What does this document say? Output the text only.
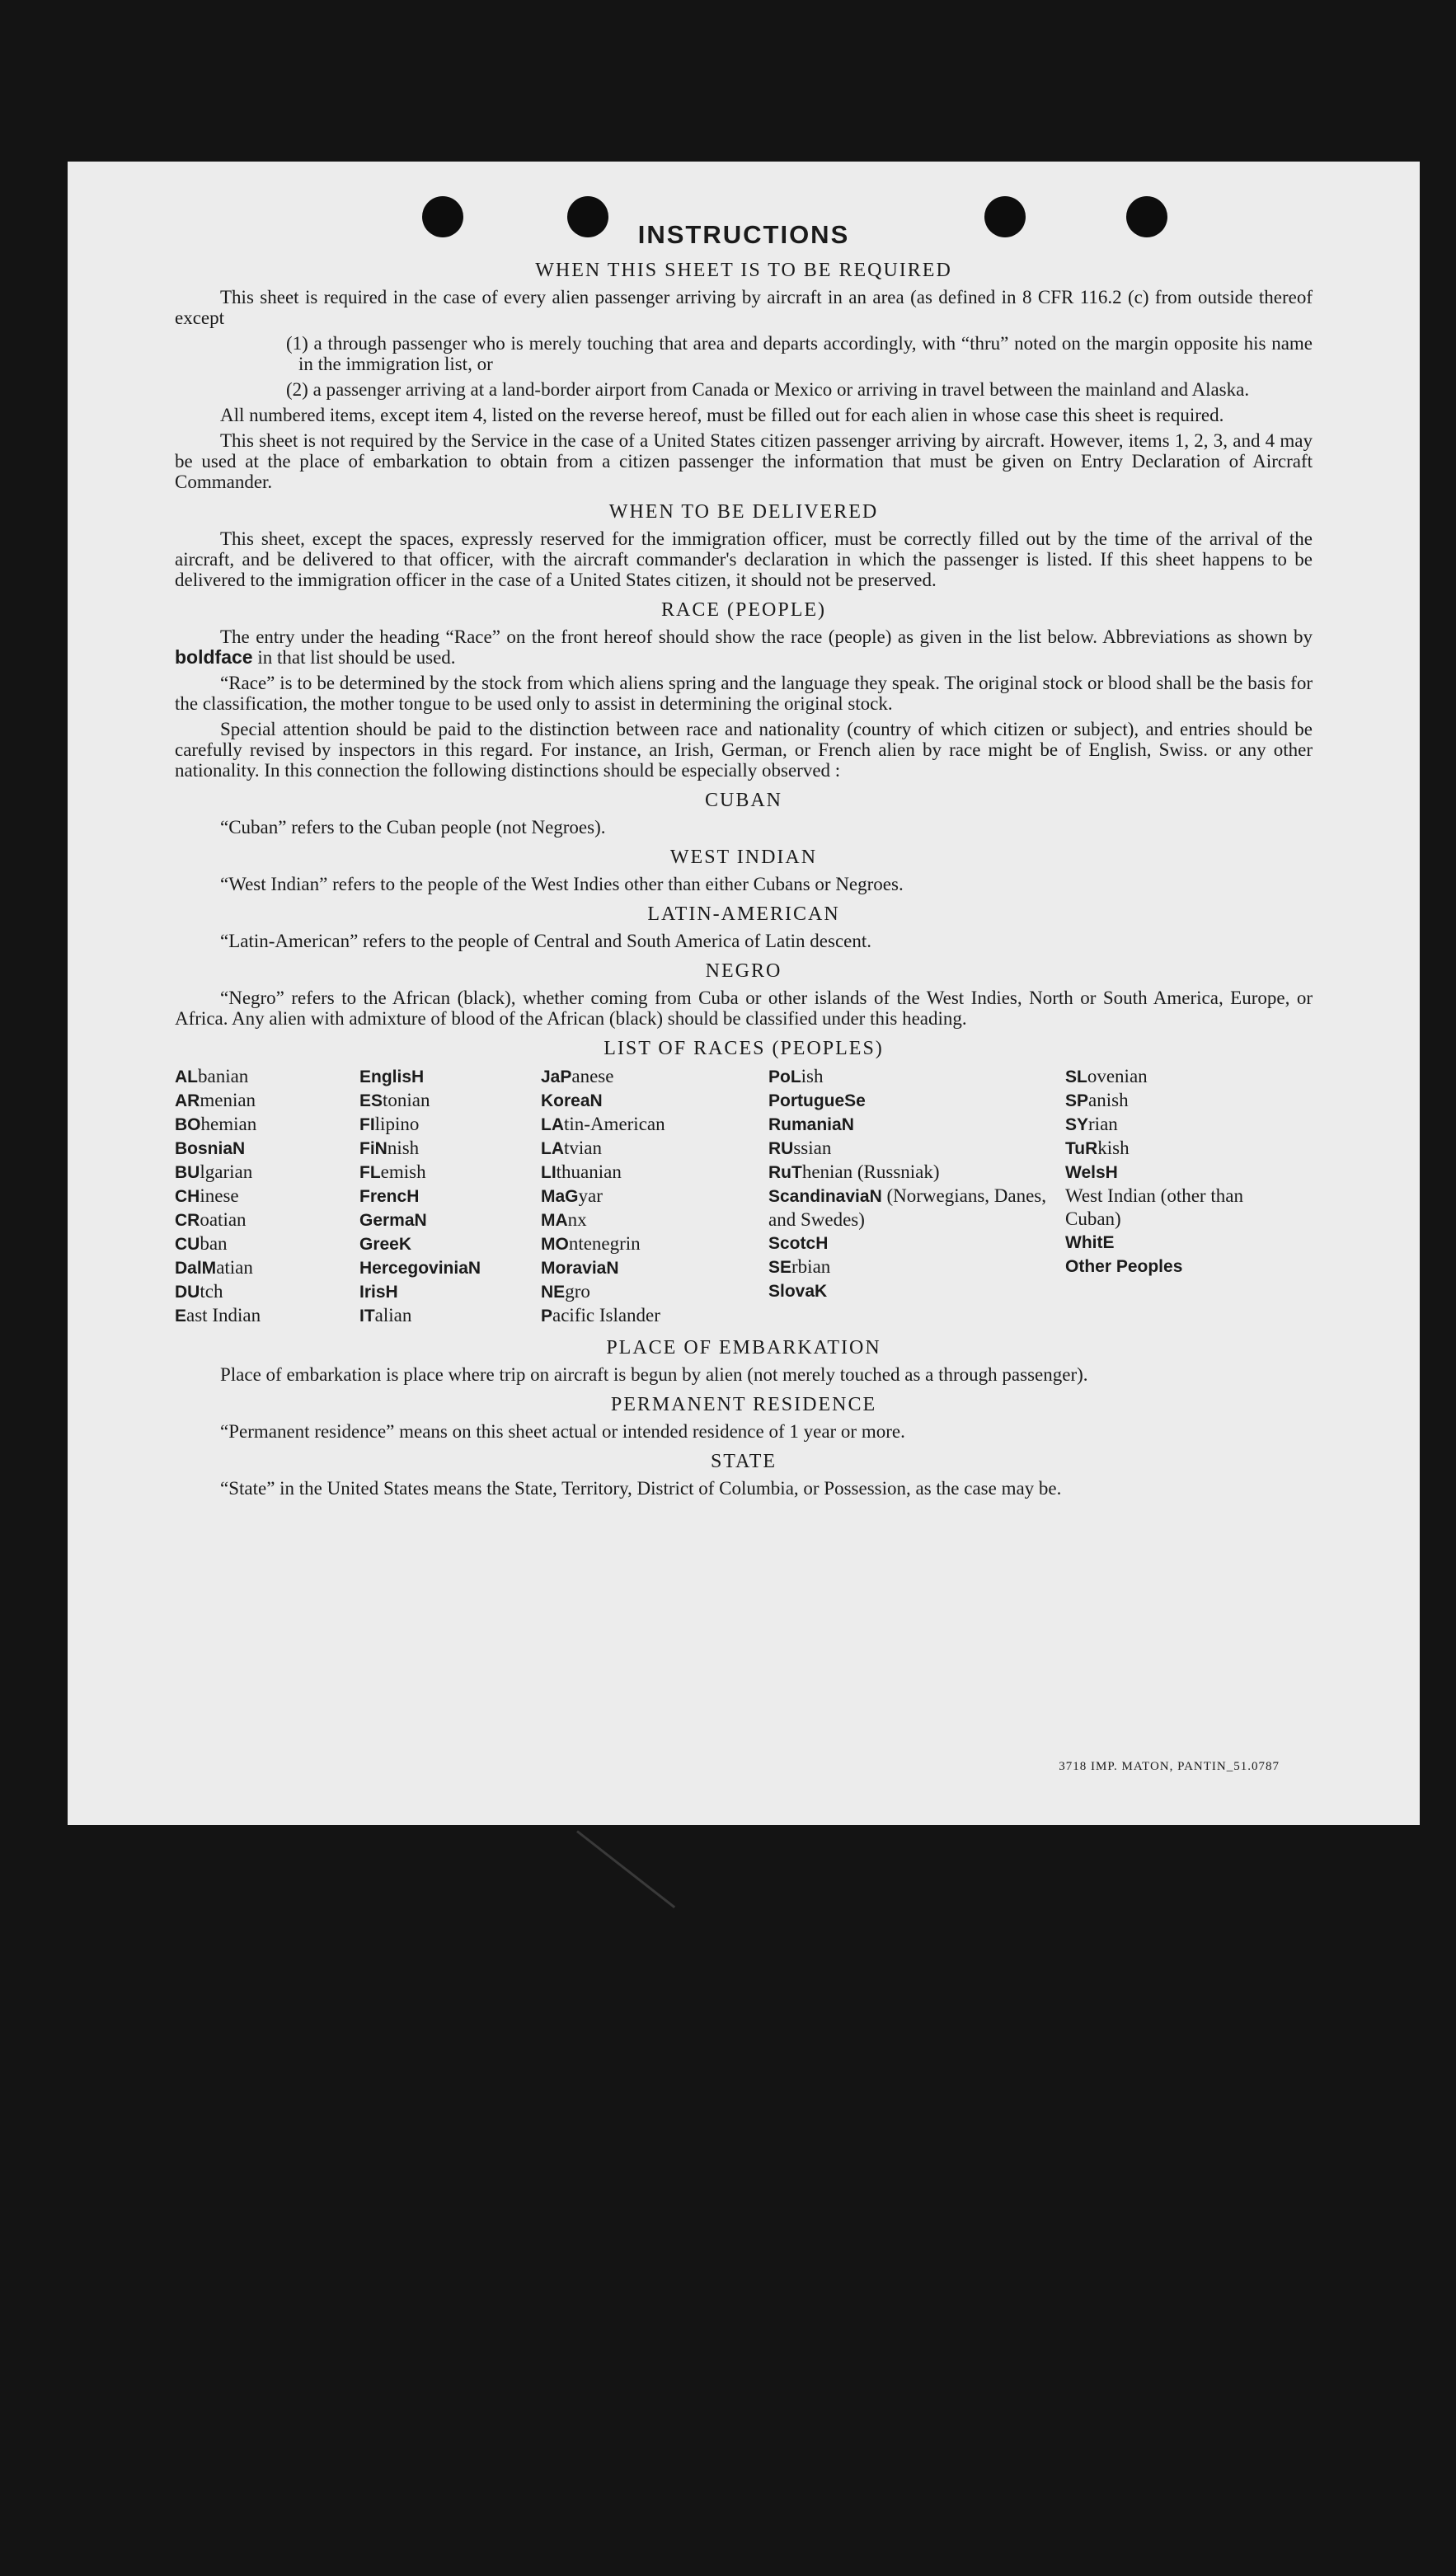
INSTRUCTIONS
WHEN THIS SHEET IS TO BE REQUIRED

This sheet is required in the case of every alien passenger arriving by aircraft in an area (as defined in 8 CFR 116.2 (c) from outside thereof except

(1) a through passenger who is merely touching that area and departs accordingly, with “thru” noted on the margin opposite his name in the immigration list, or

(2) a passenger arriving at a land-border airport from Canada or Mexico or arriving in travel between the mainland and Alaska.

All numbered items, except item 4, listed on the reverse hereof, must be filled out for each alien in whose case this sheet is required.

This sheet is not required by the Service in the case of a United States citizen passenger arriving by aircraft. However, items 1, 2, 3, and 4 may be used at the place of embarkation to obtain from a citizen passenger the information that must be given on Entry Declaration of Aircraft Commander.

WHEN TO BE DELIVERED

This sheet, except the spaces, expressly reserved for the immigration officer, must be correctly filled out by the time of the arrival of the aircraft, and be delivered to that officer, with the aircraft commander's declaration in which the passenger is listed. If this sheet happens to be delivered to the immigration officer in the case of a United States citizen, it should not be preserved.

RACE (PEOPLE)

The entry under the heading “Race” on the front hereof should show the race (people) as given in the list below. Abbreviations as shown by boldface in that list should be used.

“Race” is to be determined by the stock from which aliens spring and the language they speak. The original stock or blood shall be the basis for the classification, the mother tongue to be used only to assist in determining the original stock.

Special attention should be paid to the distinction between race and nationality (country of which citizen or subject), and entries should be carefully revised by inspectors in this regard. For instance, an Irish, German, or French alien by race might be of English, Swiss. or any other nationality. In this connection the following distinctions should be especially observed :

CUBAN

“Cuban” refers to the Cuban people (not Negroes).

WEST INDIAN

“West Indian” refers to the people of the West Indies other than either Cubans or Negroes.

LATIN-AMERICAN

“Latin-American” refers to the people of Central and South America of Latin descent.

NEGRO

“Negro” refers to the African (black), whether coming from Cuba or other islands of the West Indies, North or South America, Europe, or Africa. Any alien with admixture of blood of the African (black) should be classified under this heading.

LIST OF RACES (PEOPLES)
ALbanian
ARmenian
BOhemian
BosniaN
BUlgarian
CHinese
CRoatian
CUban
DalMatian
DUtch
East Indian
EnglisH
EStonian
FIlipino
FiNnish
FLemish
FrencH
GermaN
GreeK
HercegoviniaN
IrisH
ITalian
JaPanese
KoreaN
LAtin-American
LAtvian
LIthuanian
MaGyar
MAnx
MOntenegrin
MoraviaN
NEgro
Pacific Islander
PoLish
PortugueSe
RumaniaN
RUssian
RuThenian (Russniak)
ScandinaviaN (Norwegians, Danes, and Swedes)
ScotcH
SErbian
SlovaK
SLovenian
SPanish
SYrian
TuRkish
WelsH
West Indian (other than Cuban)
WhitE
Other Peoples
PLACE OF EMBARKATION

Place of embarkation is place where trip on aircraft is begun by alien (not merely touched as a through passenger).

PERMANENT RESIDENCE

“Permanent residence” means on this sheet actual or intended residence of 1 year or more.

STATE

“State” in the United States means the State, Territory, District of Columbia, or Possession, as the case may be.

3718 IMP. MATON, PANTIN_51.0787
